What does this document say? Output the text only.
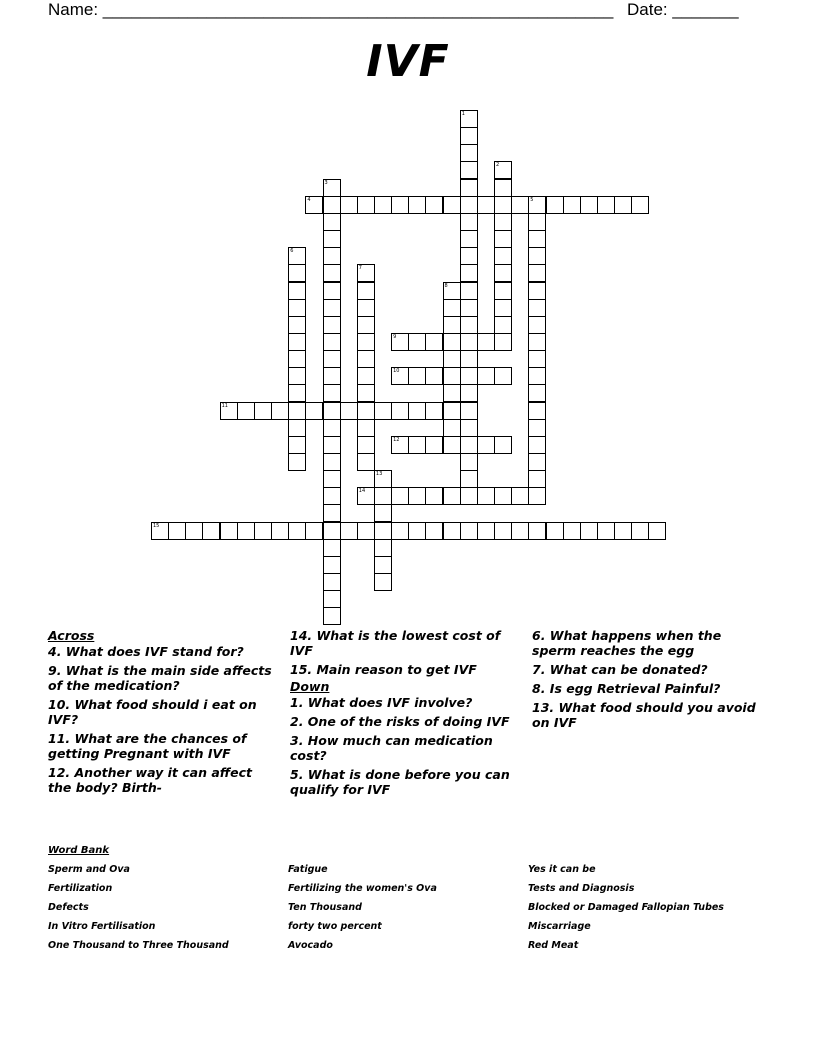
Name: ______________________________________________________ Date: _______
IVF
1
2
3
4	5
6
7
8
9
10
11
12
13
14
15
Across
4. What does IVF stand for?
9. What is the main side affects of the medication?
10. What food should i eat on IVF?
11. What are the chances of getting Pregnant with IVF
12. Another way it can affect the body? Birth-
14. What is the lowest cost of IVF
15. Main reason to get IVF
Down
1. What does IVF involve?
2. One of the risks of doing IVF
3. How much can medication cost?
5. What is done before you can qualify for IVF
6. What happens when the sperm reaches the egg
7. What can be donated?
8. Is egg Retrieval Painful?
13. What food should you avoid on IVF
Word Bank
Sperm and Ova
Fertilization
Defects
In Vitro Fertilisation
One Thousand to Three Thousand
Fatigue
Fertilizing the women's Ova
Ten Thousand
forty two percent
Avocado
Yes it can be
Tests and Diagnosis
Blocked or Damaged Fallopian Tubes
Miscarriage
Red Meat
